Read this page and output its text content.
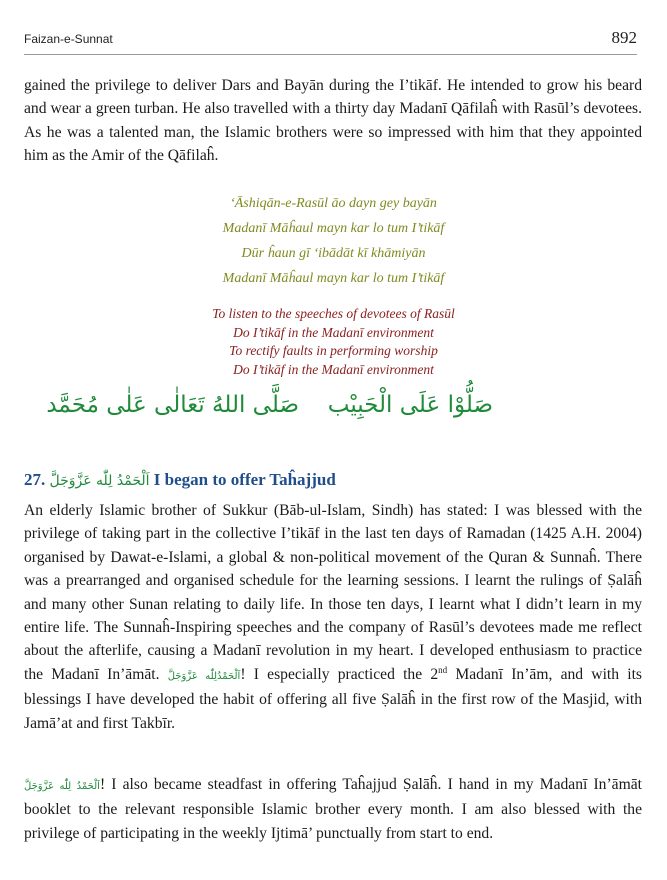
Faizan-e-Sunnat	892

gained the privilege to deliver Dars and Bayān during the I’tikāf. He intended to grow his beard and wear a green turban. He also travelled with a thirty day Madanī Qāfilaĥ with Rasūl’s devotees. As he was a talented man, the Islamic brothers were so impressed with him that they appointed him as the Amir of the Qāfilaĥ.

‘Āshiqān-e-Rasūl āo dayn gey bayān
Madanī Māĥaul mayn kar lo tum I’tikāf
Dūr ĥaun gī ‘ibādāt kī khāmiyān
Madanī Māĥaul mayn kar lo tum I’tikāf
To listen to the speeches of devotees of Rasūl
Do I’tikāf in the Madanī environment
To rectify faults in performing worship
Do I’tikāf in the Madanī environment
صَلُّوْا عَلَى الْحَبِيْب
صَلَّى اللهُ تَعَالٰى عَلٰى مُحَمَّد
27. اَلْحَمْدُ لِلّٰه عَزَّوَجَلَّ I began to offer Taĥajjud

An elderly Islamic brother of Sukkur (Bāb-ul-Islam, Sindh) has stated: I was blessed with the privilege of taking part in the collective I’tikāf in the last ten days of Ramadan (1425 A.H. 2004) organised by Dawat-e-Islami, a global & non-political movement of the Quran & Sunnaĥ. There was a prearranged and organised schedule for the learning sessions. I learnt the rulings of Ṣalāĥ and many other Sunan relating to daily life. In those ten days, I learnt what I didn’t learn in my entire life. The Sunnaĥ-Inspiring speeches and the company of Rasūl’s devotees made me reflect about the afterlife, causing a Madanī revolution in my heart. I developed enthusiasm to practice the Madanī In’āmāt. اَلْحَمْدُلِلّٰه عَزَّوَجَلَّ! I especially practiced the 2nd Madanī In’ām, and with its blessings I have developed the habit of offering all five Ṣalāĥ in the first row of the Masjid, with Jamā’at and first Takbīr.

اَلْحَمْدُ لِلّٰه عَزَّوَجَلَّ! I also became steadfast in offering Taĥajjud Ṣalāĥ. I hand in my Madanī In’āmāt booklet to the relevant responsible Islamic brother every month. I am also blessed with the privilege of participating in the weekly Ijtimā’ punctually from start to end.
